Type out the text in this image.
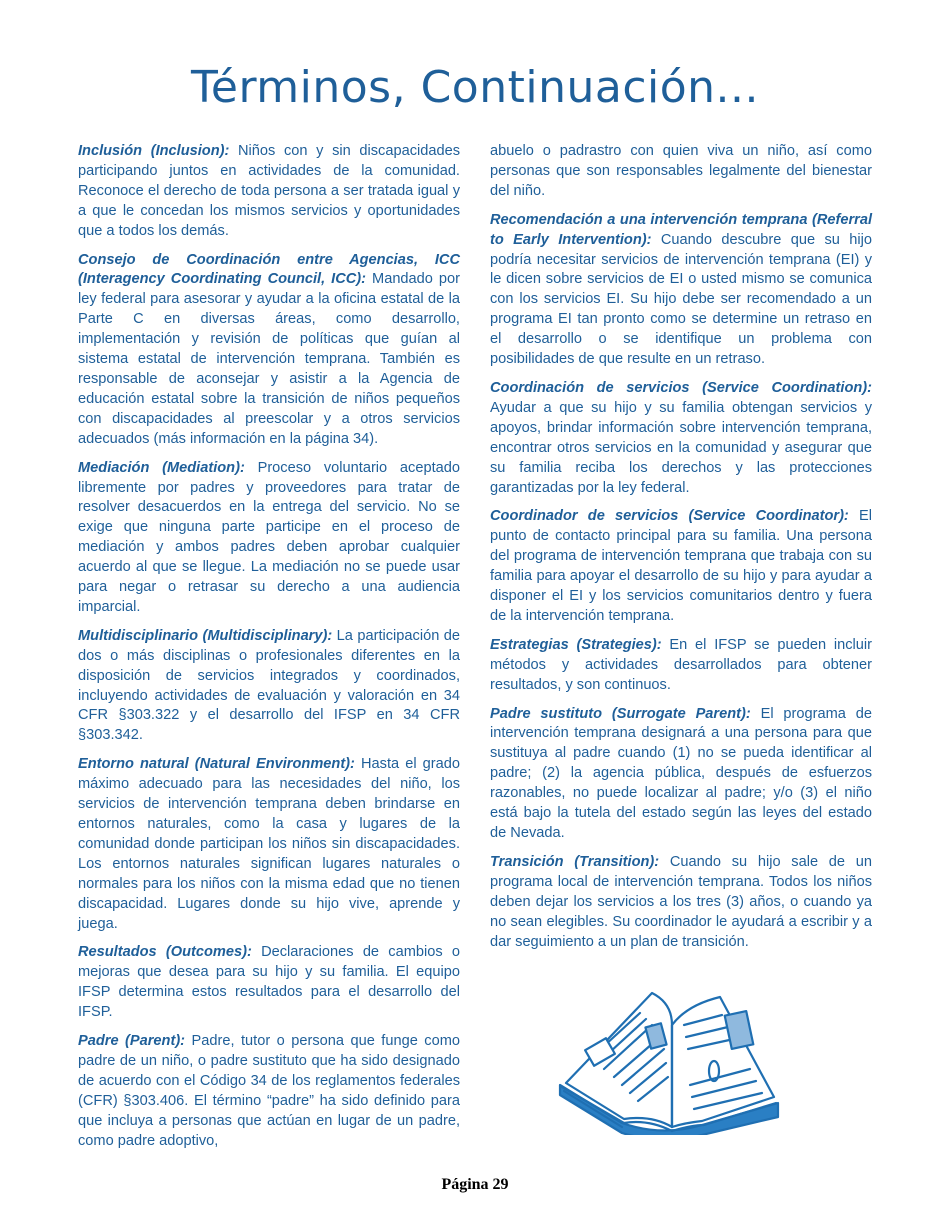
Términos, Continuación...

Inclusión (Inclusion): Niños con y sin discapacidades participando juntos en actividades de la comunidad. Reconoce el derecho de toda persona a ser tratada igual y a que le concedan los mismos servicios y oportunidades que a todos los demás.

Consejo de Coordinación entre Agencias, ICC (Interagency Coordinating Council, ICC): Mandado por ley federal para asesorar y ayudar a la oficina estatal de la Parte C en diversas áreas, como desarrollo, implementación y revisión de políticas que guían al sistema estatal de intervención temprana. También es responsable de aconsejar y asistir a la Agencia de educación estatal sobre la transición de niños pequeños con discapacidades al preescolar y a otros servicios adecuados (más información en la página 34).

Mediación (Mediation): Proceso voluntario aceptado libremente por padres y proveedores para tratar de resolver desacuerdos en la entrega del servicio. No se exige que ninguna parte participe en el proceso de mediación y ambos padres deben aprobar cualquier acuerdo al que se llegue. La mediación no se puede usar para negar o retrasar su derecho a una audiencia imparcial.

Multidisciplinario (Multidisciplinary): La participación de dos o más disciplinas o profesionales diferentes en la disposición de servicios integrados y coordinados, incluyendo actividades de evaluación y valoración en 34 CFR §303.322 y el desarrollo del IFSP en 34 CFR §303.342.

Entorno natural (Natural Environment): Hasta el grado máximo adecuado para las necesidades del niño, los servicios de intervención temprana deben brindarse en entornos naturales, como la casa y lugares de la comunidad donde participan los niños sin discapacidades. Los entornos naturales significan lugares naturales o normales para los niños con la misma edad que no tienen discapacidad. Lugares donde su hijo vive, aprende y juega.

Resultados (Outcomes): Declaraciones de cambios o mejoras que desea para su hijo y su familia. El equipo IFSP determina estos resultados para el desarrollo del IFSP.

Padre (Parent): Padre, tutor o persona que funge como padre de un niño, o padre sustituto que ha sido designado de acuerdo con el Código 34 de los reglamentos federales (CFR) §303.406. El término “padre” ha sido definido para que incluya a personas que actúan en lugar de un padre, como padre adoptivo,

abuelo o padrastro con quien viva un niño, así como personas que son responsables legalmente del bienestar del niño.

Recomendación a una intervención temprana (Referral to Early Intervention): Cuando descubre que su hijo podría necesitar servicios de intervención temprana (EI) y le dicen sobre servicios de EI o usted mismo se comunica con los servicios EI. Su hijo debe ser recomendado a un programa EI tan pronto como se determine un retraso en el desarrollo o se identifique un problema con posibilidades de que resulte en un retraso.

Coordinación de servicios (Service Coordination): Ayudar a que su hijo y su familia obtengan servicios y apoyos, brindar información sobre intervención temprana, encontrar otros servicios en la comunidad y asegurar que su familia reciba los derechos y las protecciones garantizadas por la ley federal.

Coordinador de servicios (Service Coordinator): El punto de contacto principal para su familia. Una persona del programa de intervención temprana que trabaja con su familia para apoyar el desarrollo de su hijo y para ayudar a disponer el EI y los servicios comunitarios dentro y fuera de la intervención temprana.

Estrategias (Strategies): En el IFSP se pueden incluir métodos y actividades desarrollados para obtener resultados, y son continuos.

Padre sustituto (Surrogate Parent): El programa de intervención temprana designará a una persona para que sustituya al padre cuando (1) no se pueda identificar al padre; (2) la agencia pública, después de esfuerzos razonables, no puede localizar al padre; y/o (3) el niño está bajo la tutela del estado según las leyes del estado de Nevada.

Transición (Transition): Cuando su hijo sale de un programa local de intervención temprana. Todos los niños deben dejar los servicios a los tres (3) años, o cuando ya no sean elegibles. Su coordinador le ayudará a escribir y a dar seguimiento a un plan de transición.

Página 29
